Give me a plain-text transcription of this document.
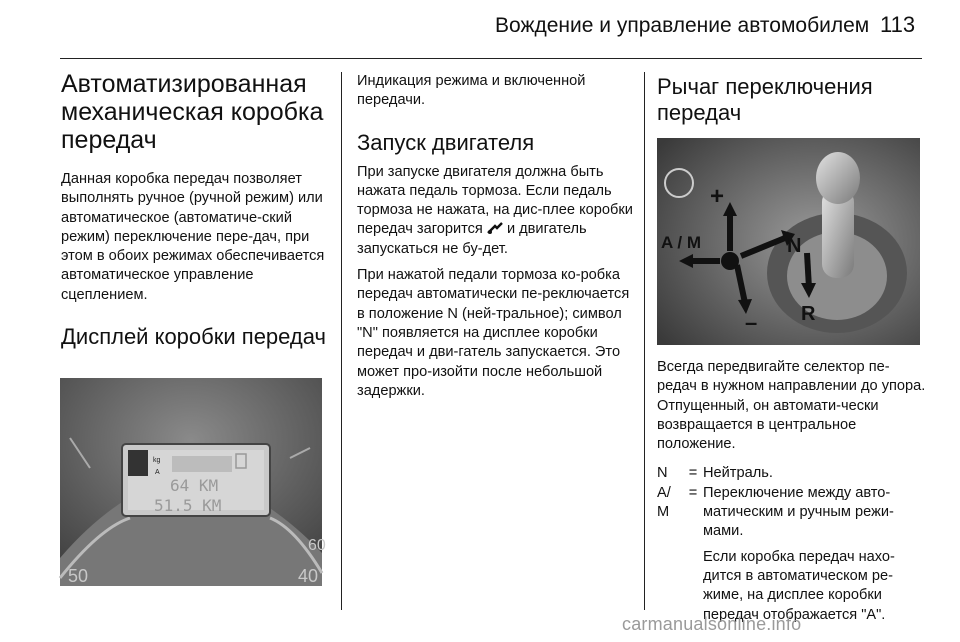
Вождение и управление автомобилем 113
Автоматизированная механическая коробка передач

Данная коробка передач позволяет выполнять ручное (ручной режим) или автоматическое (автоматиче-ский режим) переключение пере-дач, при этом в обоих режимах обеспечивается автоматическое управление сцеплением.

Дисплей коробки передач
64 KM
51.5 KM
kg
A
50	40
60

Индикация режима и включенной передачи.

Запуск двигателя

При запуске двигателя должна быть нажата педаль тормоза. Если педаль тормоза не нажата, на дис-плее коробки передач загорится и двигатель запускаться не бу-дет.

При нажатой педали тормоза ко-робка передач автоматически пе-реключается в положение N (ней-тральное); символ "N" появляется на дисплее коробки передач и дви-гатель запускается. Это может про-изойти после небольшой задержки.

Рычаг переключения передач
A / M
+
–
N
R

Всегда передвигайте селектор пе-редач в нужном направлении до упора. Отпущенный, он автомати-чески возвращается в центральное положение.

N	= Нейтраль.
A/ M
= Переключение между авто-матическим и ручным режи-мами.
Если коробка передач нахо-дится в автоматическом ре-жиме, на дисплее коробки передач отображается "A".
carmanualsonline.info
